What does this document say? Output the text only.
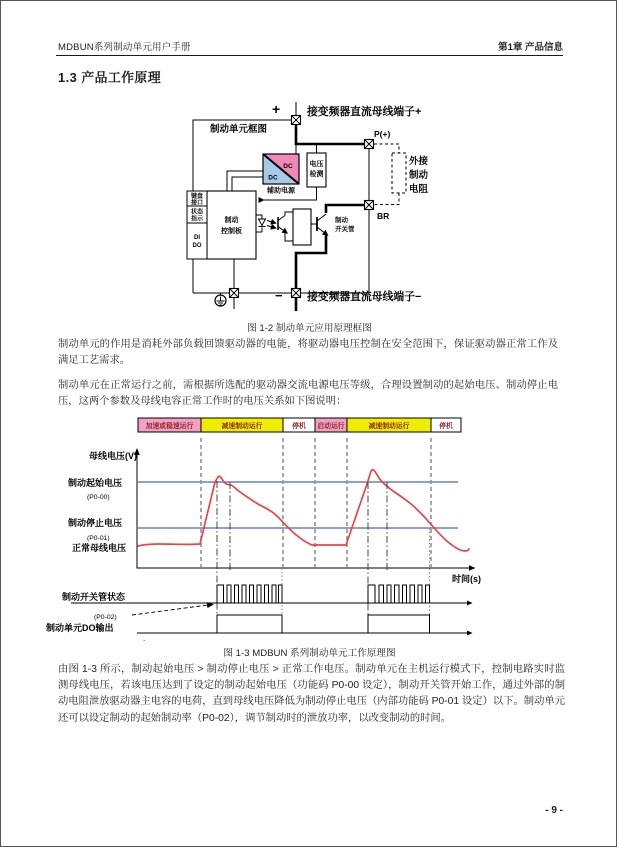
MDBUN系列制动单元用户手册	第1章 产品信息
1.3 产品工作原理
DC
DC
辅助电源
电压
检测
制动
控制板
键盘
接口
状态
指示
DI
DO
制动
开关管
外接
制动
电阻
+ 接变频器直流母线端子+
制动单元框图	P(+)
BR
− 接变频器直流母线端子−
图 1-2 制动单元应用原理框图
制动单元的作用是消耗外部负载回馈驱动器的电能，将驱动器电压控制在安全范围下，保证驱动器正常工作及满足工艺需求。
制动单元在正常运行之前，需根据所选配的驱动器交流电源电压等级，合理设置制动的起始电压、制动停止电压，这两个参数及母线电容正常工作时的电压关系如下图说明：
加速或稳速运行	减速制动运行	停机 启动运行	减速制动运行	停机
母线电压(V)
制动起始电压
(P0-00)
制动停止电压
(P0-01)
正常母线电压
时间(s)
制动开关管状态
(P0-02)
制动单元DO输出
.
图 1-3 MDBUN 系列制动单元工作原理图
由图 1-3 所示，制动起始电压 > 制动停止电压 > 正常工作电压。制动单元在主机运行模式下，控制电路实时监测母线电压，若该电压达到了设定的制动起始电压（功能码 P0-00 设定），制动开关管开始工作，通过外部的制动电阻泄放驱动器主电容的电荷，直到母线电压降低为制动停止电压（内部功能码 P0-01 设定）以下。制动单元还可以设定制动的起始制动率（P0-02），调节制动时的泄放功率，以改变制动的时间。
- 9 -
